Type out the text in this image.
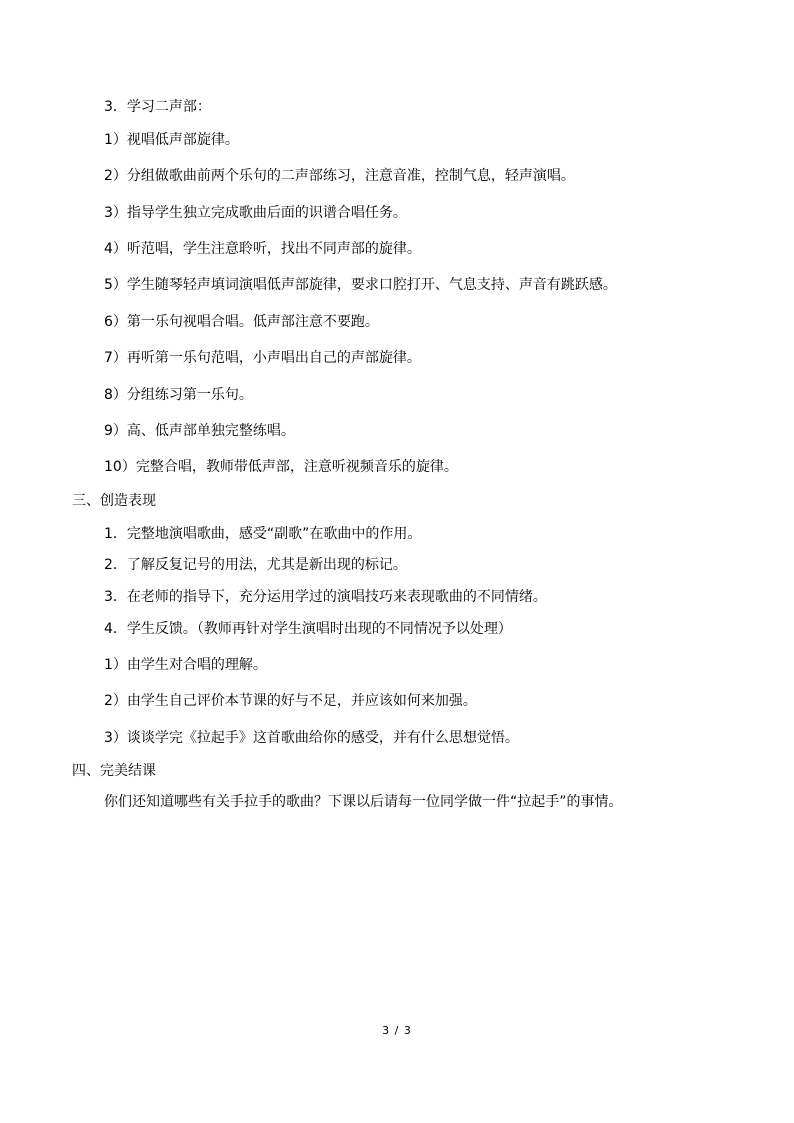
3．学习二声部：
1）视唱低声部旋律。
2）分组做歌曲前两个乐句的二声部练习，注意音准，控制气息，轻声演唱。
3）指导学生独立完成歌曲后面的识谱合唱任务。
4）听范唱，学生注意聆听，找出不同声部的旋律。
5）学生随琴轻声填词演唱低声部旋律，要求口腔打开、气息支持、声音有跳跃感。
6）第一乐句视唱合唱。低声部注意不要跑。
7）再听第一乐句范唱，小声唱出自己的声部旋律。
8）分组练习第一乐句。
9）高、低声部单独完整练唱。
10）完整合唱，教师带低声部，注意听视频音乐的旋律。
三、创造表现
1．完整地演唱歌曲，感受“副歌”在歌曲中的作用。
2．了解反复记号的用法，尤其是新出现的标记。
3．在老师的指导下，充分运用学过的演唱技巧来表现歌曲的不同情绪。
4．学生反馈。（教师再针对学生演唱时出现的不同情况予以处理）
1）由学生对合唱的理解。
2）由学生自己评价本节课的好与不足，并应该如何来加强。
3）谈谈学完《拉起手》这首歌曲给你的感受，并有什么思想觉悟。
四、完美结课
你们还知道哪些有关手拉手的歌曲？下课以后请每一位同学做一件“拉起手”的事情。
3 / 3
